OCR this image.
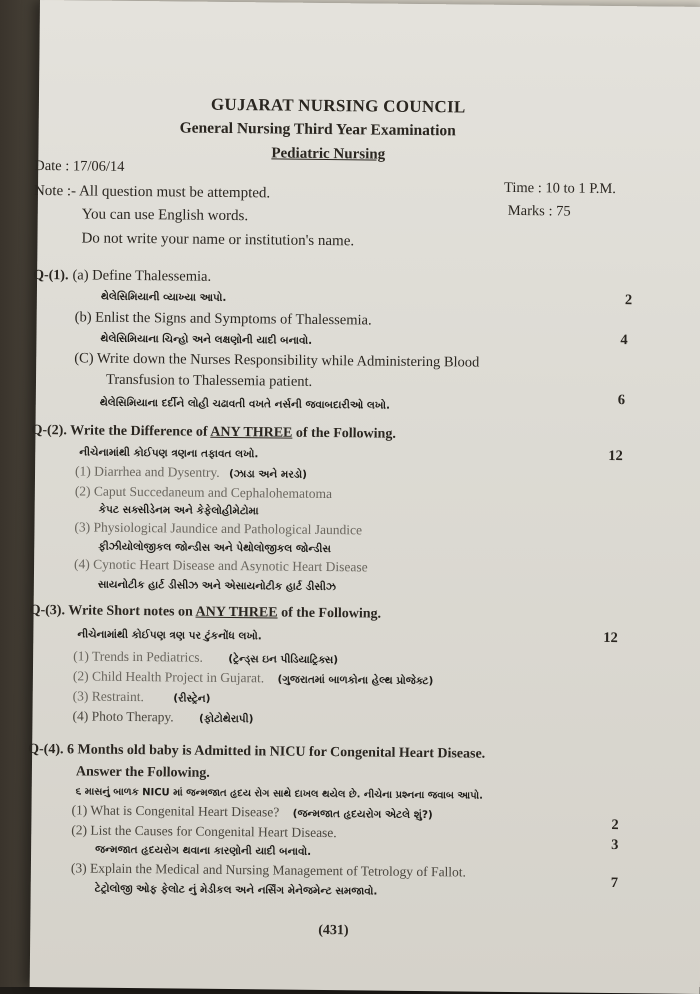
GUJARAT NURSING COUNCIL
General Nursing Third Year Examination
Pediatric Nursing
Date : 17/06/14
Time : 10 to 1 P.M.
Marks : 75
Note :- All question must be attempted.
You can use English words.
Do not write your name or institution's name.
Q-(1). (a) Define Thalessemia.
થેલેસિમિયાની વ્યાખ્યા આપો.	2
(b) Enlist the Signs and Symptoms of Thalessemia.
થેલેસિમિયાના ચિન્હો અને લક્ષણોની યાદી બનાવો.	4
(C) Write down the Nurses Responsibility while Administering Blood
Transfusion to Thalessemia patient.
થેલેસિમિયાના દર્દીને લોહી ચઢાવતી વખતે નર્સની જવાબદારીઓ લખો.	6
Q-(2). Write the Difference of ANY THREE of the Following.
12
નીચેનામાંથી કોઈપણ ત્રણના તફાવત લખો.
(1) Diarrhea and Dysentry. (ઝાડા અને મરડો)
(2) Caput Succedaneum and Cephalohematoma
કેપટ સક્સીડેનમ અને કેફેલોહીમેટોમા
(3) Physiological Jaundice and Pathological Jaundice
ફીઝીયોલોજીકલ જોન્ડીસ અને પેથોલોજીકલ જોન્ડીસ
(4) Cynotic Heart Disease and Asynotic Heart Disease
સાયનોટીક હાર્ટ ડીસીઝ અને એસાયનોટીક હાર્ટ ડીસીઝ
Q-(3). Write Short notes on ANY THREE of the Following.
12
નીચેનામાંથી કોઈપણ ત્રણ પર ટુંકનોંધ લખો.
(1) Trends in Pediatrics. (ટ્રેન્ડ્સ ઇન પીડિયાટ્રિક્સ)
(2) Child Health Project in Gujarat. (ગુજરાતમાં બાળકોના હેલ્થ પ્રોજેક્ટ)
(3) Restraint.	(રીસ્ટ્રેન)
(4) Photo Therapy. (ફોટોથેરાપી)
Q-(4). 6 Months old baby is Admitted in NICU for Congenital Heart Disease.
Answer the Following.
૬ માસનું બાળક NICU માં જન્મજાત હૃદય રોગ સાથે દાખલ થયેલ છે. નીચેના પ્રશ્નના જવાબ આપો.
(1) What is Congenital Heart Disease? (જન્મજાત હૃદયરોગ એટલે શું?)
2
(2) List the Causes for Congenital Heart Disease.
3
જન્મજાત હૃદયરોગ થવાના કારણોની યાદી બનાવો.
(3) Explain the Medical and Nursing Management of Tetrology of Fallot.
7
ટેટ્રોલોજી ઓફ ફેલોટ નું મેડીકલ અને નર્સિંગ મેનેજમેન્ટ સમજાવો.
(431)
